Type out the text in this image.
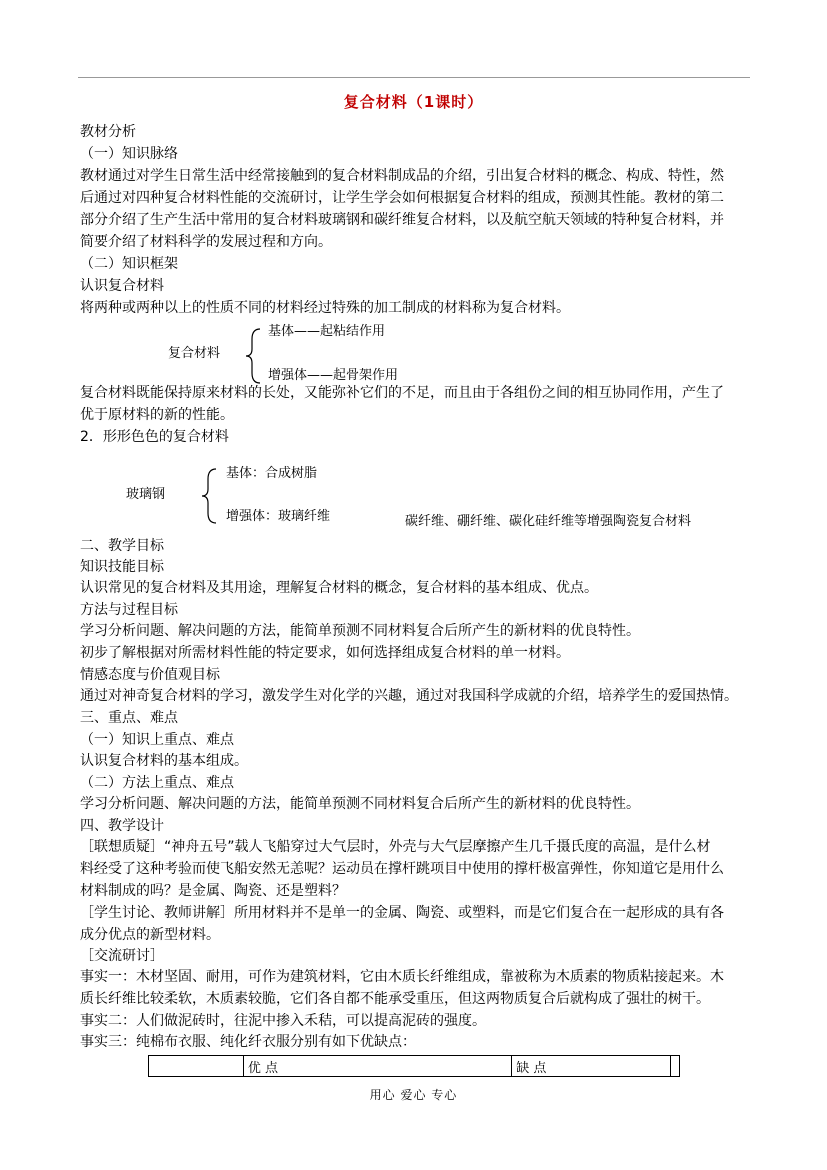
复合材料（1课时）
教材分析
（一）知识脉络
教材通过对学生日常生活中经常接触到的复合材料制成品的介绍，引出复合材料的概念、构成、特性，然
后通过对四种复合材料性能的交流研讨，让学生学会如何根据复合材料的组成，预测其性能。教材的第二
部分介绍了生产生活中常用的复合材料玻璃钢和碳纤维复合材料，以及航空航天领域的特种复合材料，并
简要介绍了材料科学的发展过程和方向。
（二）知识框架
认识复合材料
将两种或两种以上的性质不同的材料经过特殊的加工制成的材料称为复合材料。
复合材料
基体——起粘结作用
增强体——起骨架作用
复合材料既能保持原来材料的长处，又能弥补它们的不足，而且由于各组份之间的相互协同作用，产生了
优于原材料的新的性能。
2．形形色色的复合材料
玻璃钢
基体：合成树脂
增强体：玻璃纤维	碳纤维、硼纤维、碳化硅纤维等增强陶瓷复合材料
二、教学目标
知识技能目标
认识常见的复合材料及其用途，理解复合材料的概念，复合材料的基本组成、优点。
方法与过程目标
学习分析问题、解决问题的方法，能简单预测不同材料复合后所产生的新材料的优良特性。
初步了解根据对所需材料性能的特定要求，如何选择组成复合材料的单一材料。
情感态度与价值观目标
通过对神奇复合材料的学习，激发学生对化学的兴趣，通过对我国科学成就的介绍，培养学生的爱国热情。
三、重点、难点
（一）知识上重点、难点
认识复合材料的基本组成。
（二）方法上重点、难点
学习分析问题、解决问题的方法，能简单预测不同材料复合后所产生的新材料的优良特性。
四、教学设计
［联想质疑］“神舟五号”载人飞船穿过大气层时，外壳与大气层摩擦产生几千摄氏度的高温，是什么材
料经受了这种考验而使飞船安然无恙呢？运动员在撑杆跳项目中使用的撑杆极富弹性，你知道它是用什么
材料制成的吗？是金属、陶瓷、还是塑料？
［学生讨论、教师讲解］所用材料并不是单一的金属、陶瓷、或塑料，而是它们复合在一起形成的具有各
成分优点的新型材料。
［交流研讨］
事实一：木材坚固、耐用，可作为建筑材料，它由木质长纤维组成，靠被称为木质素的物质粘接起来。木
质长纤维比较柔软，木质素较脆，它们各自都不能承受重压，但这两物质复合后就构成了强壮的树干。
事实二：人们做泥砖时，往泥中掺入禾秸，可以提高泥砖的强度。
事实三：纯棉布衣服、纯化纤衣服分别有如下优缺点：
	优 点	缺 点	
用心 爱心 专心
